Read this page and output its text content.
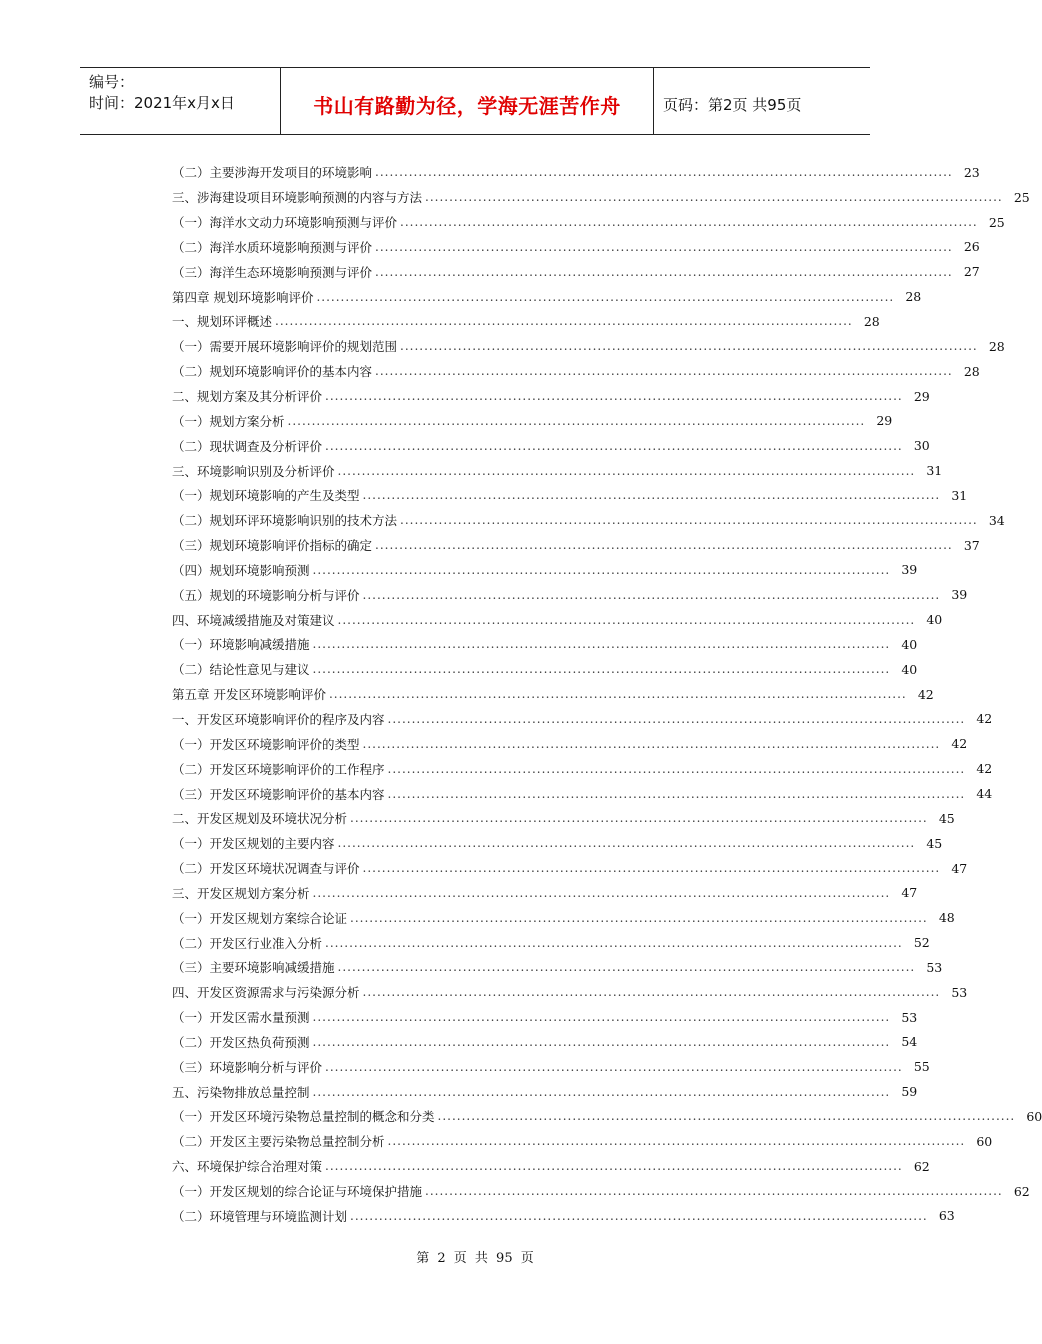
编号：
时间：2021年x月x日	书山有路勤为径，学海无涯苦作舟	页码：第2页 共95页
（二）主要涉海开发项目的环境影响 ........................................................................................................................ 23
三、涉海建设项目环境影响预测的内容与方法 ........................................................................................................................ 25
（一）海洋水文动力环境影响预测与评价 ........................................................................................................................ 25
（二）海洋水质环境影响预测与评价 ........................................................................................................................ 26
（三）海洋生态环境影响预测与评价 ........................................................................................................................ 27
第四章 规划环境影响评价 ........................................................................................................................ 28
一、规划环评概述 ........................................................................................................................ 28
（一）需要开展环境影响评价的规划范围 ........................................................................................................................ 28
（二）规划环境影响评价的基本内容 ........................................................................................................................ 28
二、规划方案及其分析评价 ........................................................................................................................ 29
（一）规划方案分析 ........................................................................................................................ 29
（二）现状调查及分析评价 ........................................................................................................................ 30
三、环境影响识别及分析评价 ........................................................................................................................ 31
（一）规划环境影响的产生及类型 ........................................................................................................................ 31
（二）规划环评环境影响识别的技术方法 ........................................................................................................................ 34
（三）规划环境影响评价指标的确定 ........................................................................................................................ 37
（四）规划环境影响预测 ........................................................................................................................ 39
（五）规划的环境影响分析与评价 ........................................................................................................................ 39
四、环境减缓措施及对策建议 ........................................................................................................................ 40
（一）环境影响减缓措施 ........................................................................................................................ 40
（二）结论性意见与建议 ........................................................................................................................ 40
第五章 开发区环境影响评价 ........................................................................................................................ 42
一、开发区环境影响评价的程序及内容 ........................................................................................................................ 42
（一）开发区环境影响评价的类型 ........................................................................................................................ 42
（二）开发区环境影响评价的工作程序 ........................................................................................................................ 42
（三）开发区环境影响评价的基本内容 ........................................................................................................................ 44
二、开发区规划及环境状况分析 ........................................................................................................................ 45
（一）开发区规划的主要内容 ........................................................................................................................ 45
（二）开发区环境状况调查与评价 ........................................................................................................................ 47
三、开发区规划方案分析 ........................................................................................................................ 47
（一）开发区规划方案综合论证 ........................................................................................................................ 48
（二）开发区行业准入分析 ........................................................................................................................ 52
（三）主要环境影响减缓措施 ........................................................................................................................ 53
四、开发区资源需求与污染源分析 ........................................................................................................................ 53
（一）开发区需水量预测 ........................................................................................................................ 53
（二）开发区热负荷预测 ........................................................................................................................ 54
（三）环境影响分析与评价 ........................................................................................................................ 55
五、污染物排放总量控制 ........................................................................................................................ 59
（一）开发区环境污染物总量控制的概念和分类 ........................................................................................................................ 60
（二）开发区主要污染物总量控制分析 ........................................................................................................................ 60
六、环境保护综合治理对策 ........................................................................................................................ 62
（一）开发区规划的综合论证与环境保护措施 ........................................................................................................................ 62
（二）环境管理与环境监测计划 ........................................................................................................................ 63
第 2 页 共 95 页
